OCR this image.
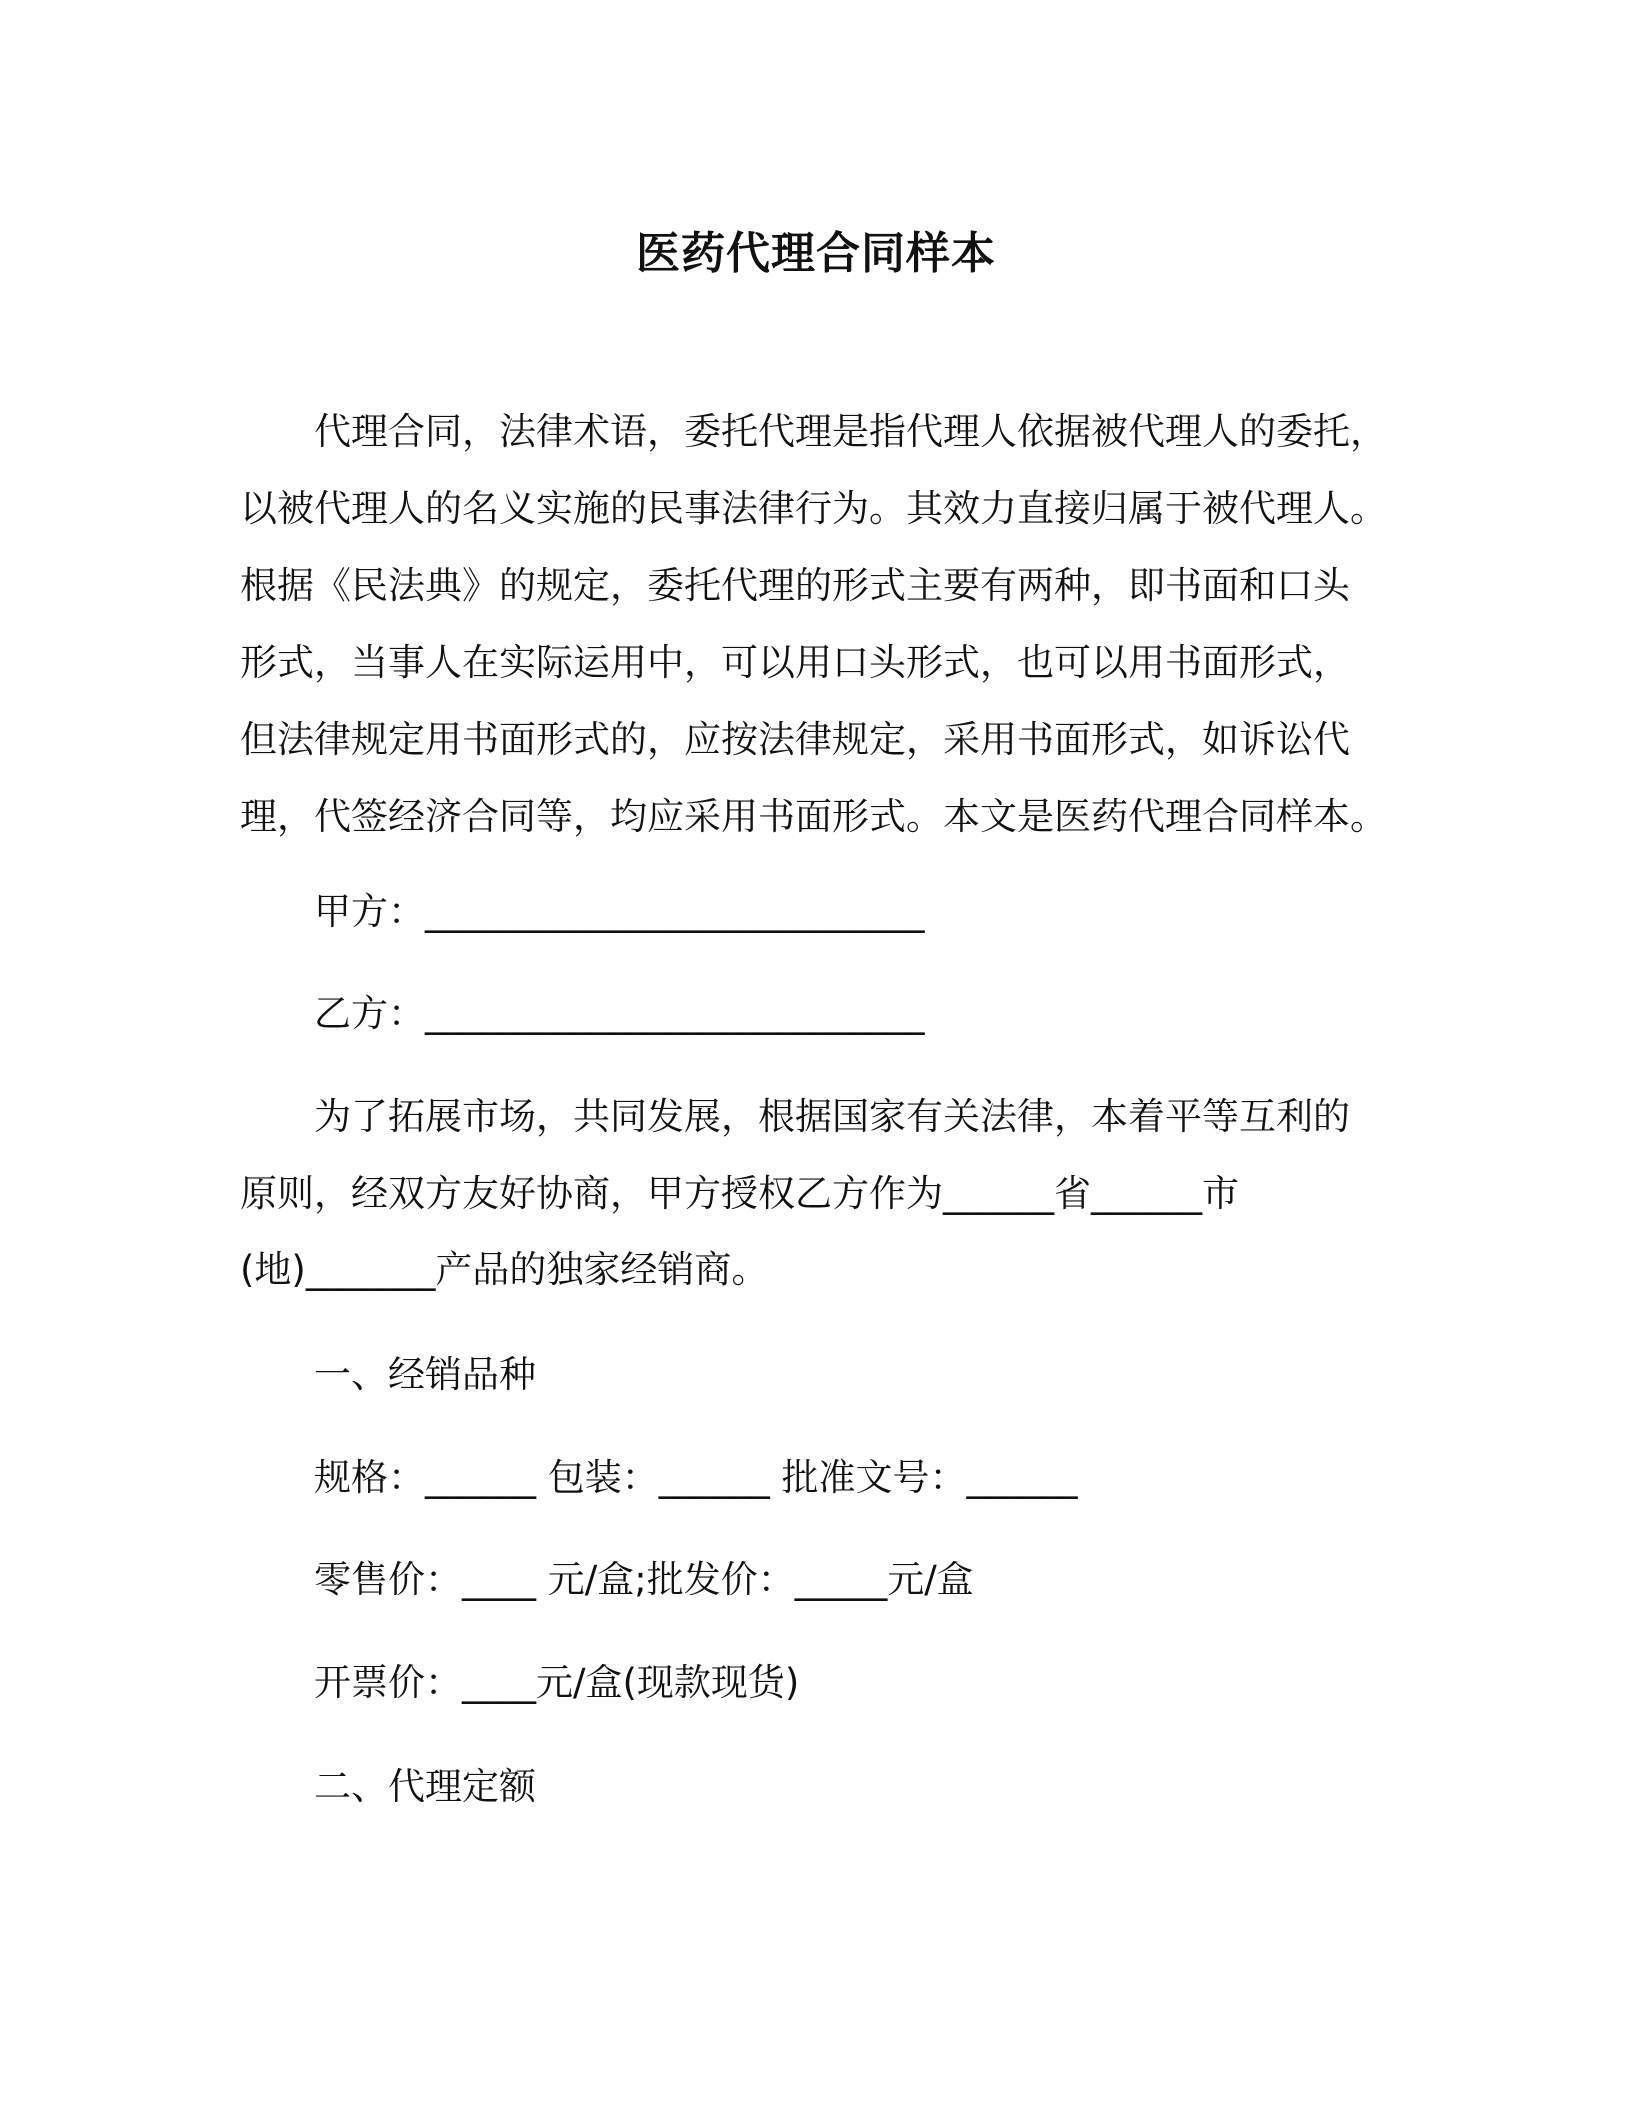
医药代理合同样本
代理合同，法律术语，委托代理是指代理人依据被代理人的委托，
以被代理人的名义实施的民事法律行为。其效力直接归属于被代理人。
根据《民法典》的规定，委托代理的形式主要有两种，即书面和口头
形式，当事人在实际运用中，可以用口头形式，也可以用书面形式，
但法律规定用书面形式的，应按法律规定，采用书面形式，如诉讼代
理，代签经济合同等，均应采用书面形式。本文是医药代理合同样本。

甲方：___________________________

乙方：___________________________

为了拓展市场，共同发展，根据国家有关法律，本着平等互利的

原则，经双方友好协商，甲方授权乙方作为______省______市

(地)_______产品的独家经销商。

一、经销品种

规格：______ 包装：______ 批准文号：______

零售价：____ 元/盒;批发价：_____元/盒

开票价：____元/盒(现款现货)

二、代理定额
